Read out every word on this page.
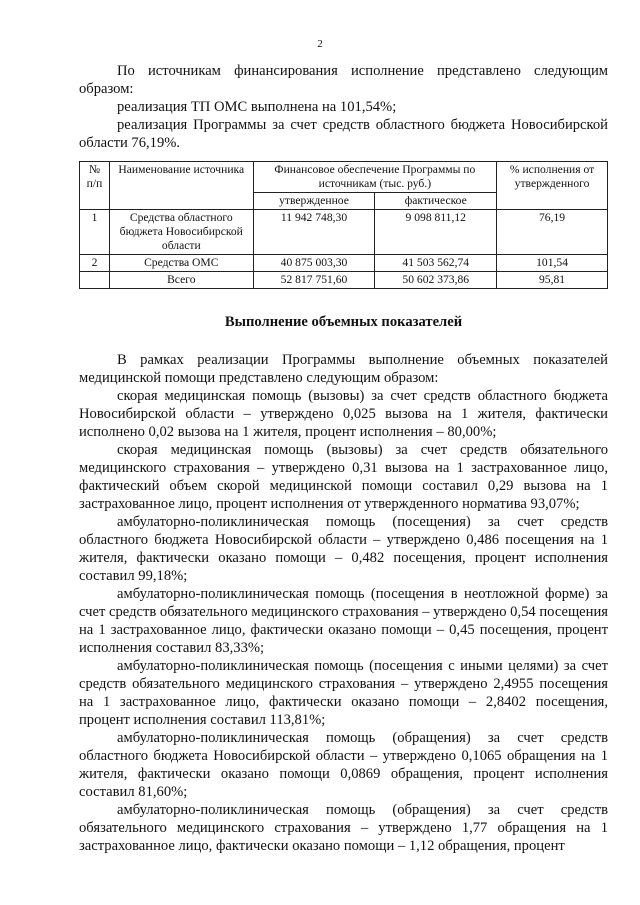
2

По источникам финансирования исполнение представлено следующим образом:

реализация ТП ОМС выполнена на 101,54%;

реализация Программы за счет средств областного бюджета Новосибирской области 76,19%.

№ п/п	Наименование источника	Финансовое обеспечение Программы по источникам (тыс. руб.)		% исполнения от утвержденного
		утвержденное	фактическое	
1	Средства областного бюджета Новосибирской области	11 942 748,30	9 098 811,12	76,19
2	Средства ОМС	40 875 003,30	41 503 562,74	101,54
	Всего	52 817 751,60	50 602 373,86	95,81
Выполнение объемных показателей

В рамках реализации Программы выполнение объемных показателей медицинской помощи представлено следующим образом:

скорая медицинская помощь (вызовы) за счет средств областного бюджета Новосибирской области – утверждено 0,025 вызова на 1 жителя, фактически исполнено 0,02 вызова на 1 жителя, процент исполнения – 80,00%;

скорая медицинская помощь (вызовы) за счет средств обязательного медицинского страхования – утверждено 0,31 вызова на 1 застрахованное лицо, фактический объем скорой медицинской помощи составил 0,29 вызова на 1 застрахованное лицо, процент исполнения от утвержденного норматива 93,07%;

амбулаторно-поликлиническая помощь (посещения) за счет средств областного бюджета Новосибирской области – утверждено 0,486 посещения на 1 жителя, фактически оказано помощи – 0,482 посещения, процент исполнения составил 99,18%;

амбулаторно-поликлиническая помощь (посещения в неотложной форме) за счет средств обязательного медицинского страхования – утверждено 0,54 посещения на 1 застрахованное лицо, фактически оказано помощи – 0,45 посещения, процент исполнения составил 83,33%;

амбулаторно-поликлиническая помощь (посещения с иными целями) за счет средств обязательного медицинского страхования – утверждено 2,4955 посещения на 1 застрахованное лицо, фактически оказано помощи – 2,8402 посещения, процент исполнения составил 113,81%;

амбулаторно-поликлиническая помощь (обращения) за счет средств областного бюджета Новосибирской области – утверждено 0,1065 обращения на 1 жителя, фактически оказано помощи 0,0869 обращения, процент исполнения составил 81,60%;

амбулаторно-поликлиническая помощь (обращения) за счет средств обязательного медицинского страхования – утверждено 1,77 обращения на 1 застрахованное лицо, фактически оказано помощи – 1,12 обращения, процент
